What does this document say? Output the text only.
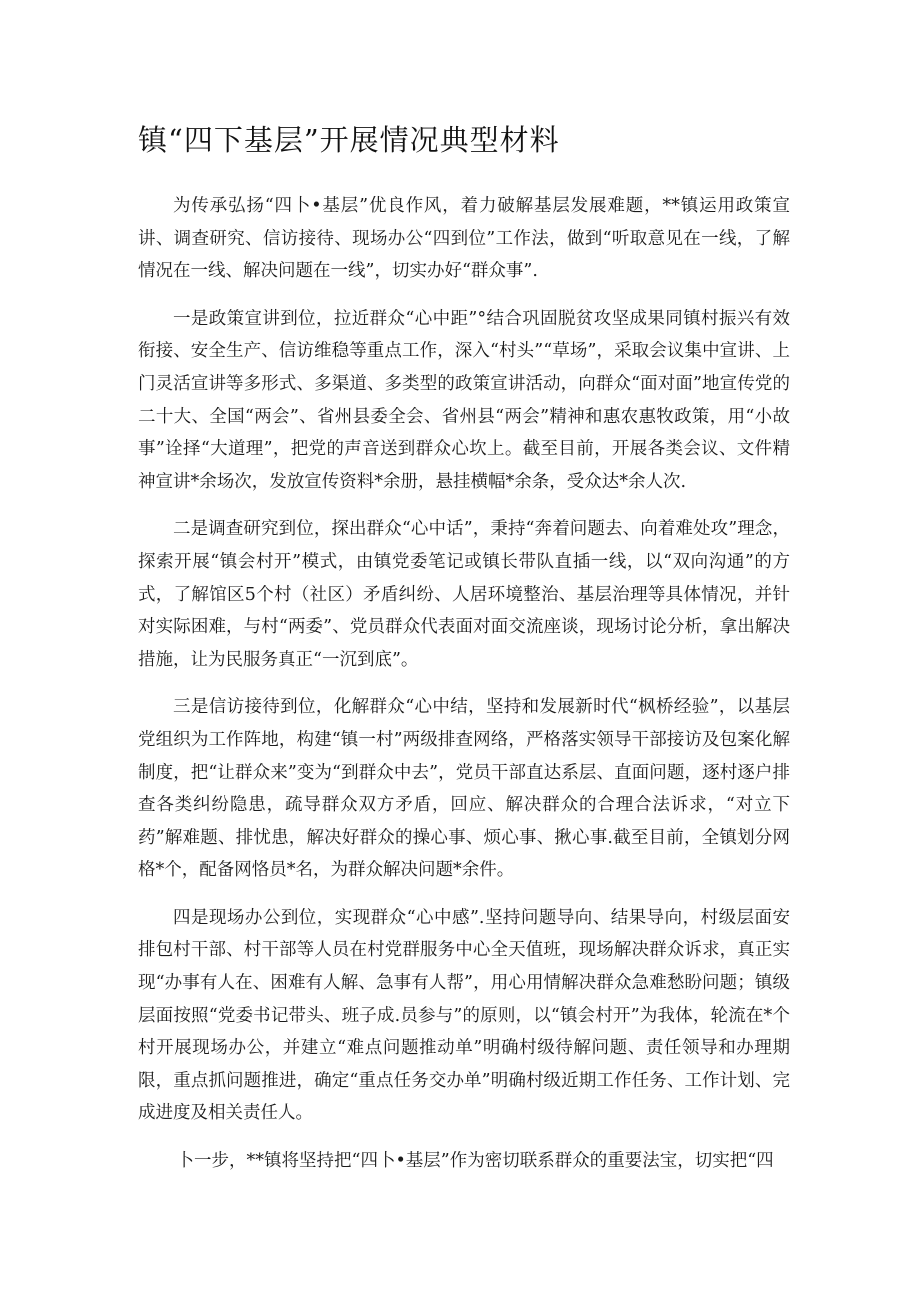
镇“四下基层”开展情况典型材料

为传承弘扬“四卜•基层”优良作风，着力破解基层发展难题，**镇运用政策宣讲、调查研究、信访接待、现场办公“四到位”工作法，做到“听取意见在一线，了解情况在一线、解决问题在一线”，切实办好“群众事”.

一是政策宣讲到位，拉近群众“心中距”°结合巩固脱贫攻坚成果同镇村振兴有效衔接、安全生产、信访维稳等重点工作，深入“村头”“草场”，采取会议集中宣讲、上门灵活宣讲等多形式、多渠道、多类型的政策宣讲活动，向群众“面对面”地宣传党的二十大、全国“两会”、省州县委全会、省州县“两会”精神和惠农惠牧政策，用“小故事”诠择“大道理”，把党的声音送到群众心坎上。截至目前，开展各类会议、文件精神宣讲*余场次，发放宣传资料*余册，悬挂横幅*余条，受众达*余人次.

二是调查研究到位，探出群众“心中话”，秉持“奔着问题去、向着难处攻”理念，探索开展“镇会村开”模式，由镇党委笔记或镇长带队直插一线，以“双向沟通”的方式，了解馆区5个村（社区）矛盾纠纷、人居环境整治、基层治理等具体情况，并针对实际困难，与村“两委”、党员群众代表面对面交流座谈，现场讨论分析，拿出解决措施，让为民服务真正“一沉到底”。

三是信访接待到位，化解群众“心中结，坚持和发展新时代“枫桥经验”，以基层党组织为工作阵地，构建“镇一村”两级排查网络，严格落实领导干部接访及包案化解制度，把“让群众来”变为“到群众中去”，党员干部直达系层、直面问题，逐村逐户排查各类纠纷隐患，疏导群众双方矛盾，回应、解决群众的合理合法诉求，“对立下药”解难题、排忧患，解决好群众的操心事、烦心事、揪心事.截至目前，全镇划分网格*个，配备网恪员*名，为群众解决问题*余件。

四是现场办公到位，实现群众“心中感”.坚持问题导向、结果导向，村级层面安排包村干部、村干部等人员在村党群服务中心全天值班，现场解决群众诉求，真正实现“办事有人在、困难有人解、急事有人帮”，用心用情解决群众急难愁盼问题；镇级层面按照“党委书记带头、班子成.员参与”的原则，以“镇会村开”为我体，轮流在*个村开展现场办公，并建立“难点问题推动单”明确村级待解问题、责任领导和办理期限，重点抓问题推进，确定“重点任务交办单”明确村级近期工作任务、工作计划、完成进度及相关责任人。

卜一步，**镇将坚持把“四卜•基层”作为密切联系群众的重要法宝，切实把“四
